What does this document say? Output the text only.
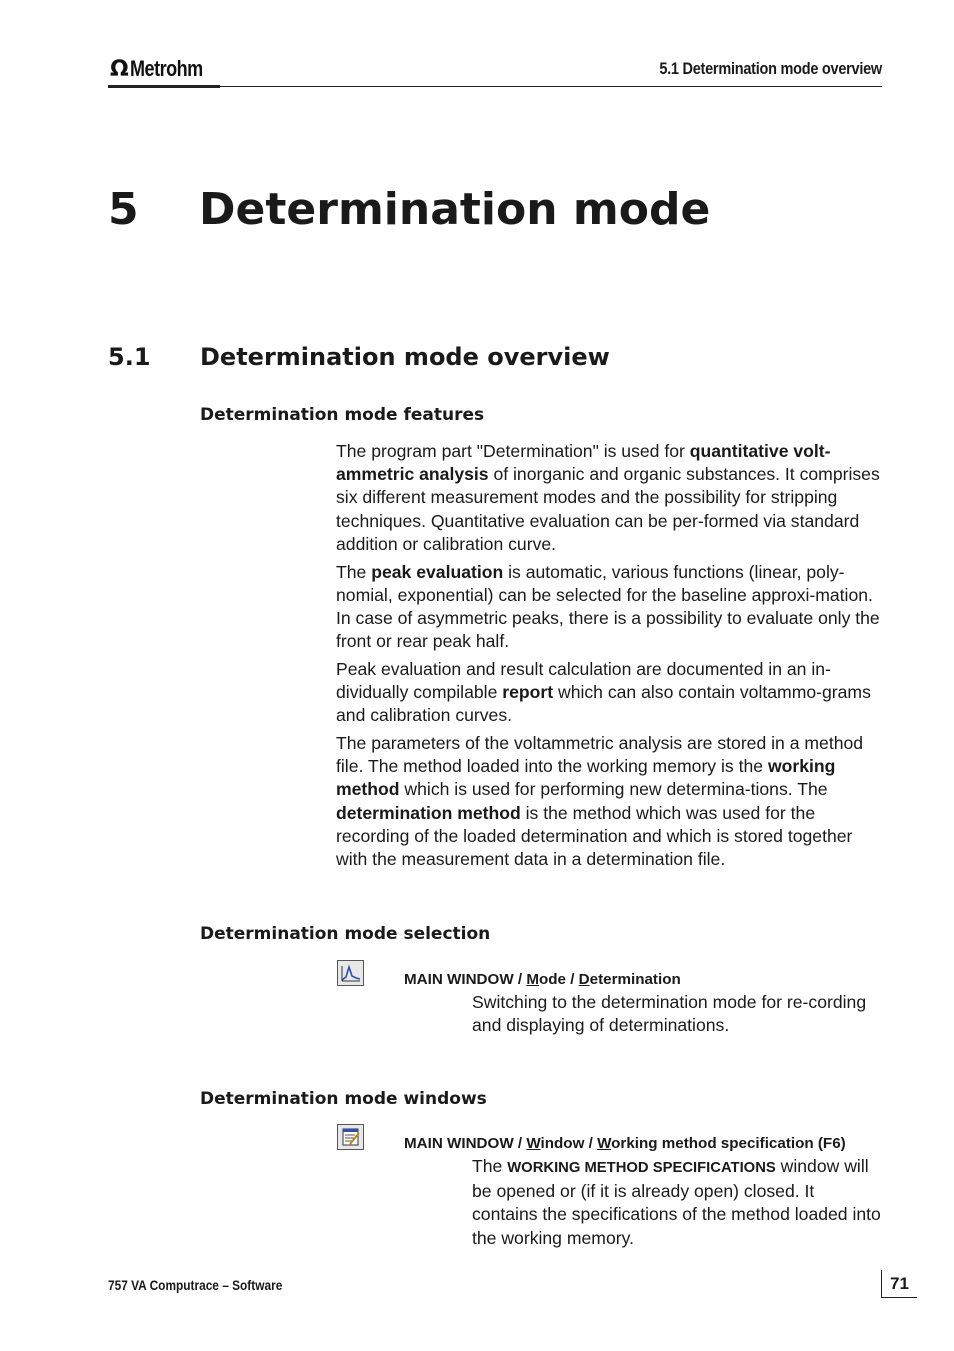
Ω Metrohm	5.1 Determination mode overview
5 Determination mode
5.1 Determination mode overview
Determination mode features

The program part "Determination" is used for quantitative volt-ammetric analysis of inorganic and organic substances. It comprises six different measurement modes and the possibility for stripping techniques. Quantitative evaluation can be per-formed via standard addition or calibration curve.

The peak evaluation is automatic, various functions (linear, poly-nomial, exponential) can be selected for the baseline approxi-mation. In case of asymmetric peaks, there is a possibility to evaluate only the front or rear peak half.

Peak evaluation and result calculation are documented in an in-dividually compilable report which can also contain voltammo-grams and calibration curves.

The parameters of the voltammetric analysis are stored in a method file. The method loaded into the working memory is the working method which is used for performing new determina-tions. The determination method is the method which was used for the recording of the loaded determination and which is stored together with the measurement data in a determination file.

Determination mode selection
MAIN WINDOW / Mode / Determination
Switching to the determination mode for re-cording and displaying of determinations.
Determination mode windows
MAIN WINDOW / Window / Working method specification (F6)
The WORKING METHOD SPECIFICATIONS window will be opened or (if it is already open) closed. It contains the specifications of the method loaded into the working memory.
757 VA Computrace – Software	71
